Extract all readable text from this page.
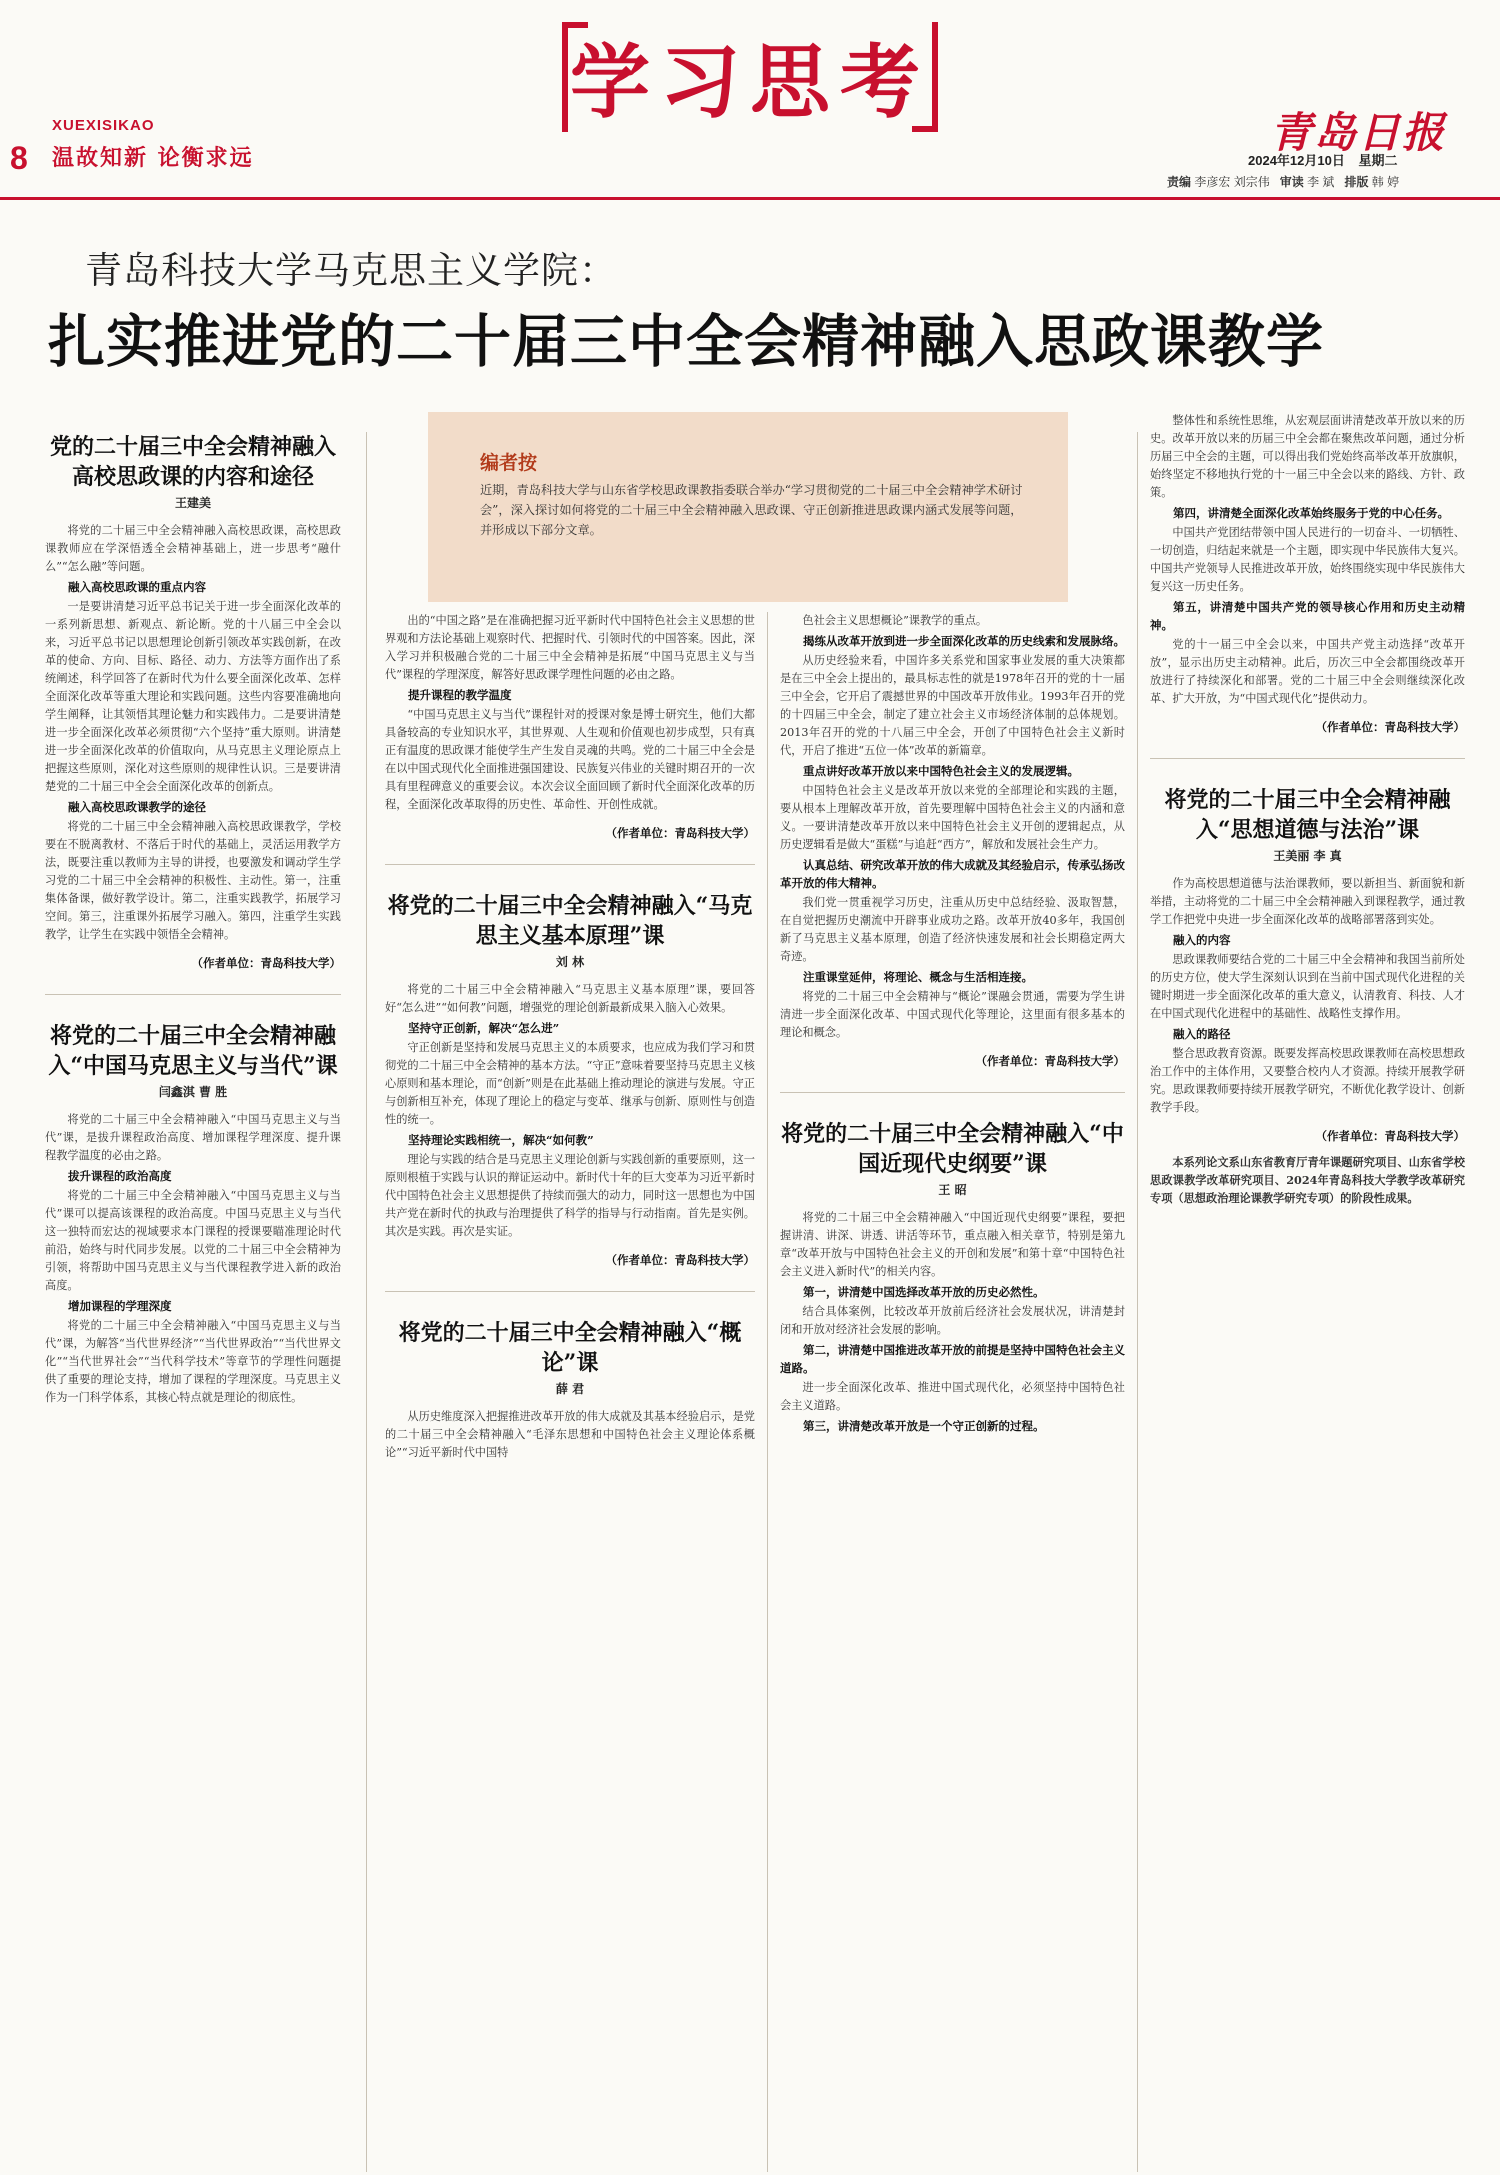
学习思考
XUEXISIKAO
8 温故知新 论衡求远
青岛日报
2024年12月10日 星期二
责编 李彦宏 刘宗伟 审读 李 斌 排版 韩 婷
青岛科技大学马克思主义学院：
扎实推进党的二十届三中全会精神融入思政课教学
编者按
近期，青岛科技大学与山东省学校思政课教指委联合举办“学习贯彻党的二十届三中全会精神学术研讨会”，深入探讨如何将党的二十届三中全会精神融入思政课、守正创新推进思政课内涵式发展等问题，并形成以下部分文章。
党的二十届三中全会精神融入高校思政课的内容和途径
王建美

将党的二十届三中全会精神融入高校思政课，高校思政课教师应在学深悟透全会精神基础上，进一步思考“融什么”“怎么融”等问题。

融入高校思政课的重点内容

一是要讲清楚习近平总书记关于进一步全面深化改革的一系列新思想、新观点、新论断。党的十八届三中全会以来，习近平总书记以思想理论创新引领改革实践创新，在改革的使命、方向、目标、路径、动力、方法等方面作出了系统阐述，科学回答了在新时代为什么要全面深化改革、怎样全面深化改革等重大理论和实践问题。这些内容要准确地向学生阐释，让其领悟其理论魅力和实践伟力。二是要讲清楚进一步全面深化改革必须贯彻“六个坚持”重大原则。讲清楚进一步全面深化改革的价值取向，从马克思主义理论原点上把握这些原则，深化对这些原则的规律性认识。三是要讲清楚党的二十届三中全会全面深化改革的创新点。

融入高校思政课教学的途径

将党的二十届三中全会精神融入高校思政课教学，学校要在不脱离教材、不落后于时代的基础上，灵活运用教学方法，既要注重以教师为主导的讲授，也要激发和调动学生学习党的二十届三中全会精神的积极性、主动性。第一，注重集体备课，做好教学设计。第二，注重实践教学，拓展学习空间。第三，注重课外拓展学习融入。第四，注重学生实践教学，让学生在实践中领悟全会精神。

（作者单位：青岛科技大学）
将党的二十届三中全会精神融入“中国马克思主义与当代”课
闫鑫淇 曹 胜

将党的二十届三中全会精神融入“中国马克思主义与当代”课，是拔升课程政治高度、增加课程学理深度、提升课程教学温度的必由之路。

拔升课程的政治高度

将党的二十届三中全会精神融入“中国马克思主义与当代”课可以提高该课程的政治高度。中国马克思主义与当代这一独特而宏达的视域要求本门课程的授课要瞄准理论时代前沿，始终与时代同步发展。以党的二十届三中全会精神为引领，将帮助中国马克思主义与当代课程教学进入新的政治高度。

增加课程的学理深度

将党的二十届三中全会精神融入“中国马克思主义与当代”课，为解答“当代世界经济”“当代世界政治”“当代世界文化”“当代世界社会”“当代科学技术”等章节的学理性问题提供了重要的理论支持，增加了课程的学理深度。马克思主义作为一门科学体系，其核心特点就是理论的彻底性。

出的“中国之路”是在准确把握习近平新时代中国特色社会主义思想的世界观和方法论基础上观察时代、把握时代、引领时代的中国答案。因此，深入学习并积极融合党的二十届三中全会精神是拓展“中国马克思主义与当代”课程的学理深度，解答好思政课学理性问题的必由之路。

提升课程的教学温度

“中国马克思主义与当代”课程针对的授课对象是博士研究生，他们大都具备较高的专业知识水平，其世界观、人生观和价值观也初步成型，只有真正有温度的思政课才能使学生产生发自灵魂的共鸣。党的二十届三中全会是在以中国式现代化全面推进强国建设、民族复兴伟业的关键时期召开的一次具有里程碑意义的重要会议。本次会议全面回顾了新时代全面深化改革的历程，全面深化改革取得的历史性、革命性、开创性成就。

（作者单位：青岛科技大学）
将党的二十届三中全会精神融入“马克思主义基本原理”课
刘 林

将党的二十届三中全会精神融入“马克思主义基本原理”课，要回答好“怎么进”“如何教”问题，增强党的理论创新最新成果入脑入心效果。

坚持守正创新，解决“怎么进”

守正创新是坚持和发展马克思主义的本质要求，也应成为我们学习和贯彻党的二十届三中全会精神的基本方法。“守正”意味着要坚持马克思主义核心原则和基本理论，而“创新”则是在此基础上推动理论的演进与发展。守正与创新相互补充，体现了理论上的稳定与变革、继承与创新、原则性与创造性的统一。

坚持理论实践相统一，解决“如何教”

理论与实践的结合是马克思主义理论创新与实践创新的重要原则，这一原则根植于实践与认识的辩证运动中。新时代十年的巨大变革为习近平新时代中国特色社会主义思想提供了持续而强大的动力，同时这一思想也为中国共产党在新时代的执政与治理提供了科学的指导与行动指南。首先是实例。其次是实践。再次是实证。

（作者单位：青岛科技大学）
将党的二十届三中全会精神融入“概论”课
薛 君

从历史维度深入把握推进改革开放的伟大成就及其基本经验启示，是党的二十届三中全会精神融入“毛泽东思想和中国特色社会主义理论体系概论”“习近平新时代中国特

色社会主义思想概论”课教学的重点。

揭练从改革开放到进一步全面深化改革的历史线索和发展脉络。

从历史经验来看，中国许多关系党和国家事业发展的重大决策都是在三中全会上提出的，最具标志性的就是1978年召开的党的十一届三中全会，它开启了震撼世界的中国改革开放伟业。1993年召开的党的十四届三中全会，制定了建立社会主义市场经济体制的总体规划。2013年召开的党的十八届三中全会，开创了中国特色社会主义新时代，开启了推进“五位一体”改革的新篇章。

重点讲好改革开放以来中国特色社会主义的发展逻辑。

中国特色社会主义是改革开放以来党的全部理论和实践的主题，要从根本上理解改革开放，首先要理解中国特色社会主义的内涵和意义。一要讲清楚改革开放以来中国特色社会主义开创的逻辑起点，从历史逻辑看是做大“蛋糕”与追赶“西方”，解放和发展社会生产力。

认真总结、研究改革开放的伟大成就及其经验启示，传承弘扬改革开放的伟大精神。

我们党一贯重视学习历史，注重从历史中总结经验、汲取智慧，在自觉把握历史潮流中开辟事业成功之路。改革开放40多年，我国创新了马克思主义基本原理，创造了经济快速发展和社会长期稳定两大奇迹。

注重课堂延伸，将理论、概念与生活相连接。

将党的二十届三中全会精神与“概论”课融会贯通，需要为学生讲清进一步全面深化改革、中国式现代化等理论，这里面有很多基本的理论和概念。

（作者单位：青岛科技大学）
将党的二十届三中全会精神融入“中国近现代史纲要”课
王 昭

将党的二十届三中全会精神融入“中国近现代史纲要”课程，要把握讲清、讲深、讲透、讲活等环节，重点融入相关章节，特别是第九章“改革开放与中国特色社会主义的开创和发展”和第十章“中国特色社会主义进入新时代”的相关内容。

第一，讲清楚中国选择改革开放的历史必然性。

结合具体案例，比较改革开放前后经济社会发展状况，讲清楚封闭和开放对经济社会发展的影响。

第二，讲清楚中国推进改革开放的前提是坚持中国特色社会主义道路。

进一步全面深化改革、推进中国式现代化，必须坚持中国特色社会主义道路。

第三，讲清楚改革开放是一个守正创新的过程。

整体性和系统性思维，从宏观层面讲清楚改革开放以来的历史。改革开放以来的历届三中全会都在聚焦改革问题，通过分析历届三中全会的主题，可以得出我们党始终高举改革开放旗帜，始终坚定不移地执行党的十一届三中全会以来的路线、方针、政策。

第四，讲清楚全面深化改革始终服务于党的中心任务。

中国共产党团结带领中国人民进行的一切奋斗、一切牺牲、一切创造，归结起来就是一个主题，即实现中华民族伟大复兴。中国共产党领导人民推进改革开放，始终围绕实现中华民族伟大复兴这一历史任务。

第五，讲清楚中国共产党的领导核心作用和历史主动精神。

党的十一届三中全会以来，中国共产党主动选择“改革开放”，显示出历史主动精神。此后，历次三中全会都围绕改革开放进行了持续深化和部署。党的二十届三中全会则继续深化改革、扩大开放，为“中国式现代化”提供动力。

（作者单位：青岛科技大学）
将党的二十届三中全会精神融入“思想道德与法治”课
王美丽 李 真

作为高校思想道德与法治课教师，要以新担当、新面貌和新举措，主动将党的二十届三中全会精神融入到课程教学，通过教学工作把党中央进一步全面深化改革的战略部署落到实处。

融入的内容

思政课教师要结合党的二十届三中全会精神和我国当前所处的历史方位，使大学生深刻认识到在当前中国式现代化进程的关键时期进一步全面深化改革的重大意义，认清教育、科技、人才在中国式现代化进程中的基础性、战略性支撑作用。

融入的路径

整合思政教育资源。既要发挥高校思政课教师在高校思想政治工作中的主体作用，又要整合校内人才资源。持续开展教学研究。思政课教师要持续开展教学研究，不断优化教学设计、创新教学手段。

（作者单位：青岛科技大学）

本系列论文系山东省教育厅青年课题研究项目、山东省学校思政课教学改革研究项目、2024年青岛科技大学教学改革研究专项（思想政治理论课教学研究专项）的阶段性成果。
